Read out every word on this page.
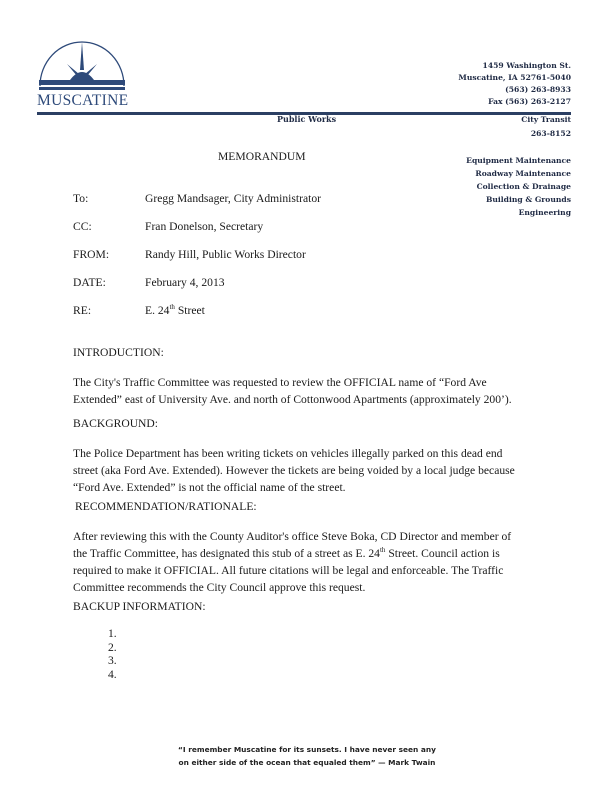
MUSCATINE
1459 Washington St.
Muscatine, IA 52761-5040
(563) 263-8933
Fax (563) 263-2127
Public Works	City Transit
263-8152
Equipment Maintenance
Roadway Maintenance
Collection & Drainage
Building & Grounds
Engineering
MEMORANDUM
To:	Gregg Mandsager, City Administrator
CC:	Fran Donelson, Secretary
FROM:	Randy Hill, Public Works Director
DATE:	February 4, 2013
RE:	E. 24th Street
INTRODUCTION:
The City's Traffic Committee was requested to review the OFFICIAL name of “Ford Ave
Extended” east of University Ave. and north of Cottonwood Apartments (approximately 200’).
BACKGROUND:
The Police Department has been writing tickets on vehicles illegally parked on this dead end
street (aka Ford Ave. Extended). However the tickets are being voided by a local judge because
“Ford Ave. Extended” is not the official name of the street.
RECOMMENDATION/RATIONALE:
After reviewing this with the County Auditor's office Steve Boka, CD Director and member of
the Traffic Committee, has designated this stub of a street as E. 24th Street. Council action is
required to make it OFFICIAL. All future citations will be legal and enforceable. The Traffic
Committee recommends the City Council approve this request.
BACKUP INFORMATION:
1.
2.
3.
4.
“I remember Muscatine for its sunsets. I have never seen any
on either side of the ocean that equaled them” — Mark Twain
